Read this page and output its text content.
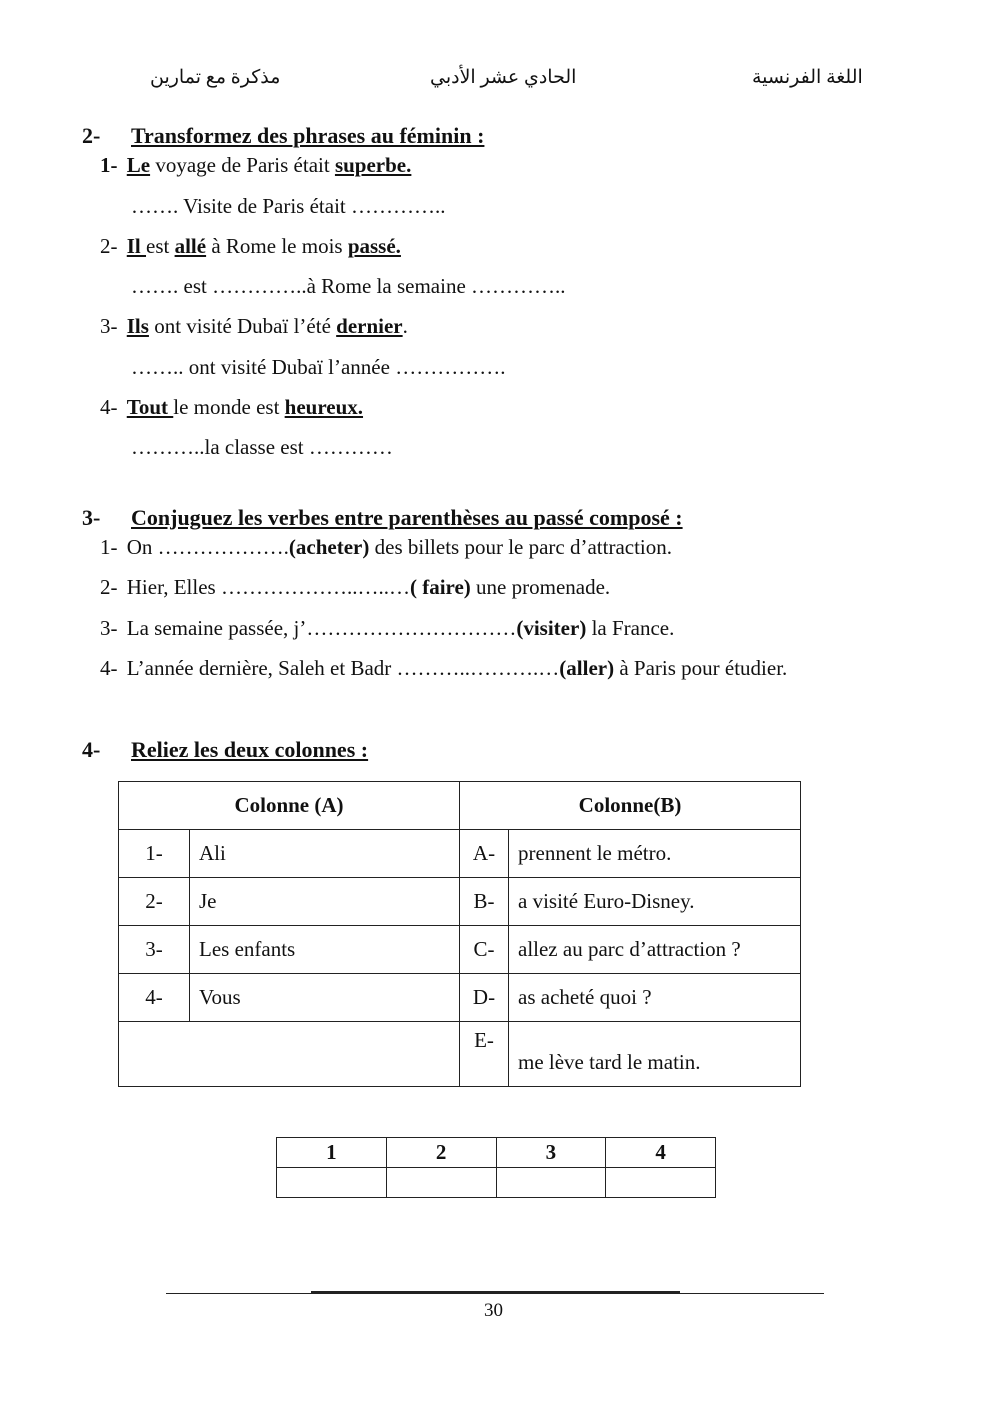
مذكرة مع تمارين	الحادي عشر الأدبي	اللغة الفرنسية
2- Transformez des phrases au féminin :
1- Le voyage de Paris était superbe.
……. Visite de Paris était …………..
2- Il est allé à Rome le mois passé.
……. est …………..à Rome la semaine …………..
3- Ils ont visité Dubaï l’été dernier.
…….. ont visité Dubaï l’année …………….
4- Tout le monde est heureux.
………..la classe est …………
3- Conjuguez les verbes entre parenthèses au passé composé :
1- On ……………….(acheter) des billets pour le parc d’attraction.
2- Hier, Elles ………………..…..…( faire) une promenade.
3- La semaine passée, j’…………………………(visiter) la France.
4- L’année dernière, Saleh et Badr ………..……….…(aller) à Paris pour étudier.
4- Reliez les deux colonnes :
Colonne (A)		Colonne(B)	
1-	Ali	A-	prennent le métro.
2-	Je	B-	a visité Euro-Disney.
3-	Les enfants	C-	allez au parc d’attraction ?
4-	Vous	D-	as acheté quoi ?
		E-	me lève tard le matin.
1	2	3	4

30
